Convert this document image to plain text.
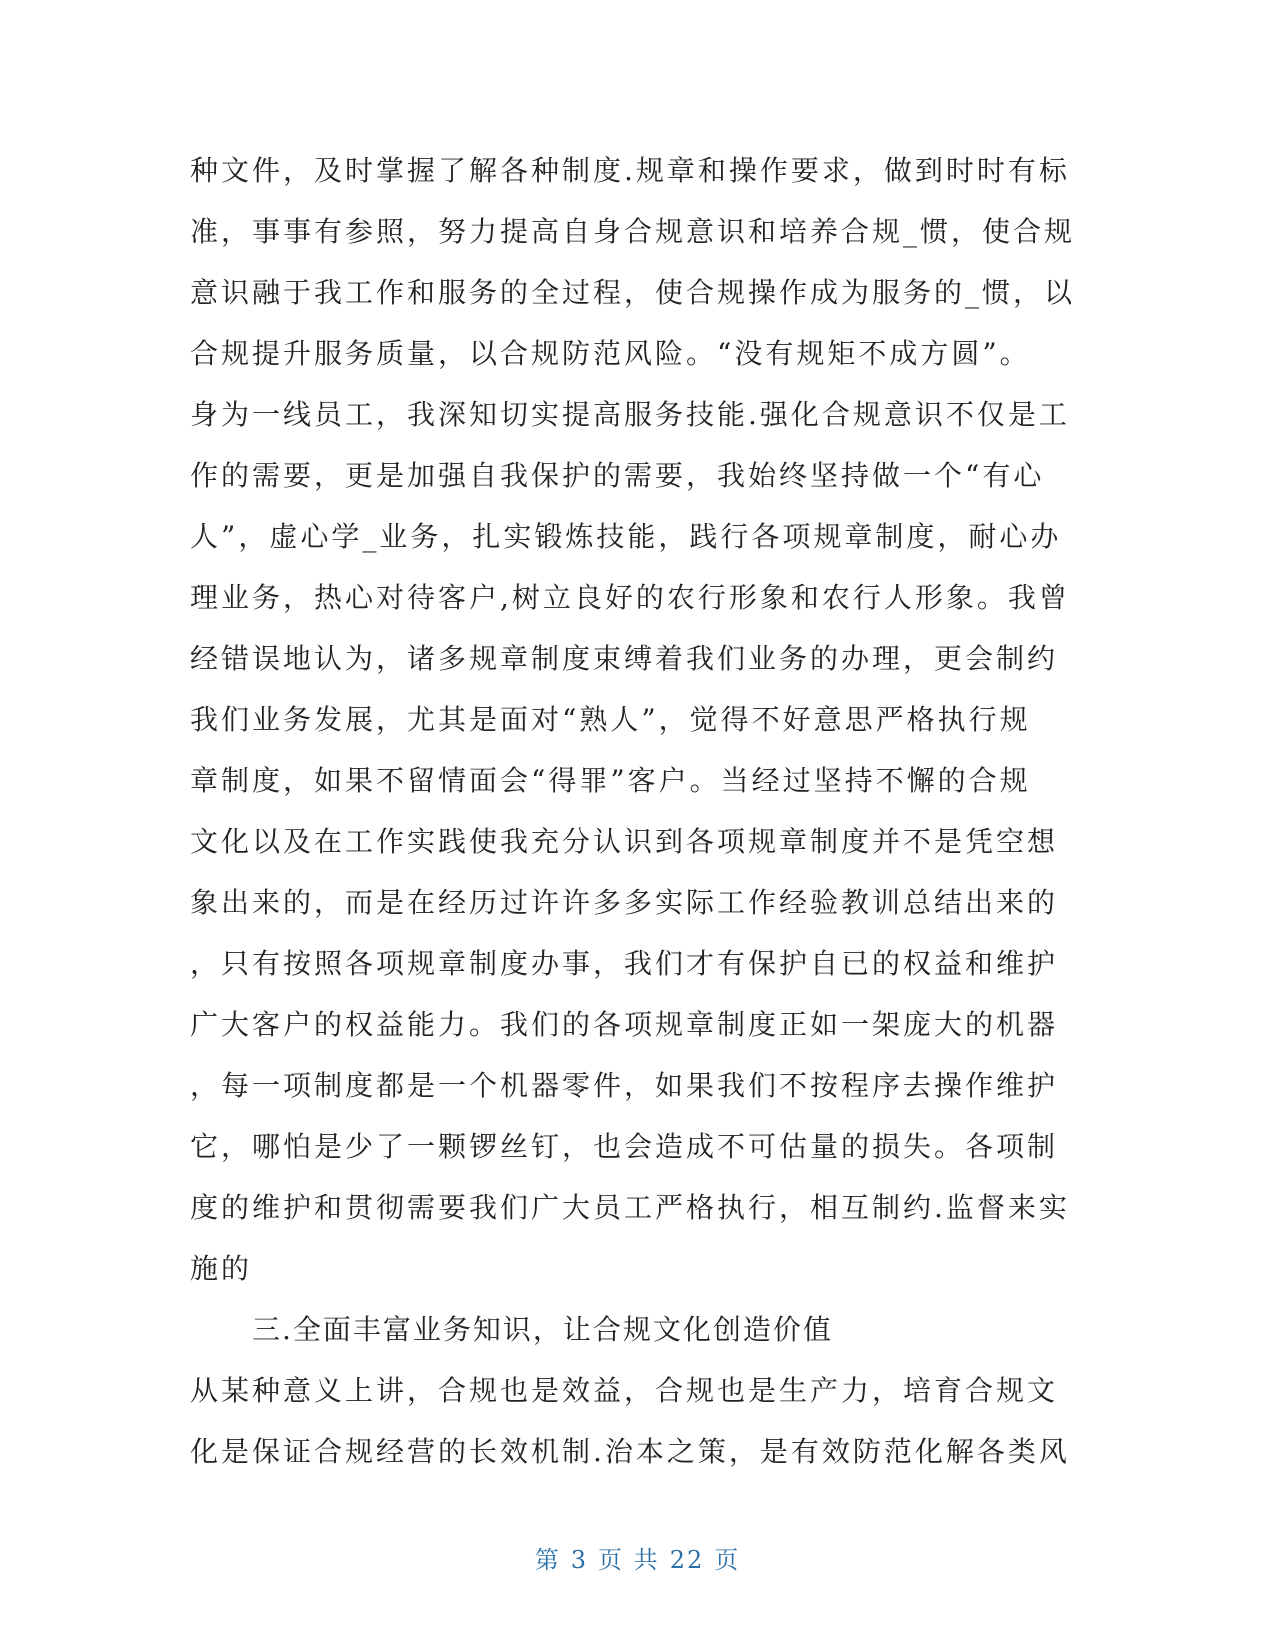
种文件，及时掌握了解各种制度.规章和操作要求，做到时时有标
准，事事有参照，努力提高自身合规意识和培养合规_惯，使合规
意识融于我工作和服务的全过程，使合规操作成为服务的_惯，以
合规提升服务质量，以合规防范风险。“没有规矩不成方圆”。
身为一线员工，我深知切实提高服务技能.强化合规意识不仅是工
作的需要，更是加强自我保护的需要，我始终坚持做一个“有心
人”，虚心学_业务，扎实锻炼技能，践行各项规章制度，耐心办
理业务，热心对待客户,树立良好的农行形象和农行人形象。我曾
经错误地认为，诸多规章制度束缚着我们业务的办理，更会制约
我们业务发展，尤其是面对“熟人”，觉得不好意思严格执行规
章制度，如果不留情面会“得罪”客户。当经过坚持不懈的合规
文化以及在工作实践使我充分认识到各项规章制度并不是凭空想
象出来的，而是在经历过许许多多实际工作经验教训总结出来的
，只有按照各项规章制度办事，我们才有保护自已的权益和维护
广大客户的权益能力。我们的各项规章制度正如一架庞大的机器
，每一项制度都是一个机器零件，如果我们不按程序去操作维护
它，哪怕是少了一颗锣丝钉，也会造成不可估量的损失。各项制
度的维护和贯彻需要我们广大员工严格执行，相互制约.监督来实
施的
三.全面丰富业务知识，让合规文化创造价值
从某种意义上讲，合规也是效益，合规也是生产力，培育合规文
化是保证合规经营的长效机制.治本之策，是有效防范化解各类风
第 3 页 共 22 页
